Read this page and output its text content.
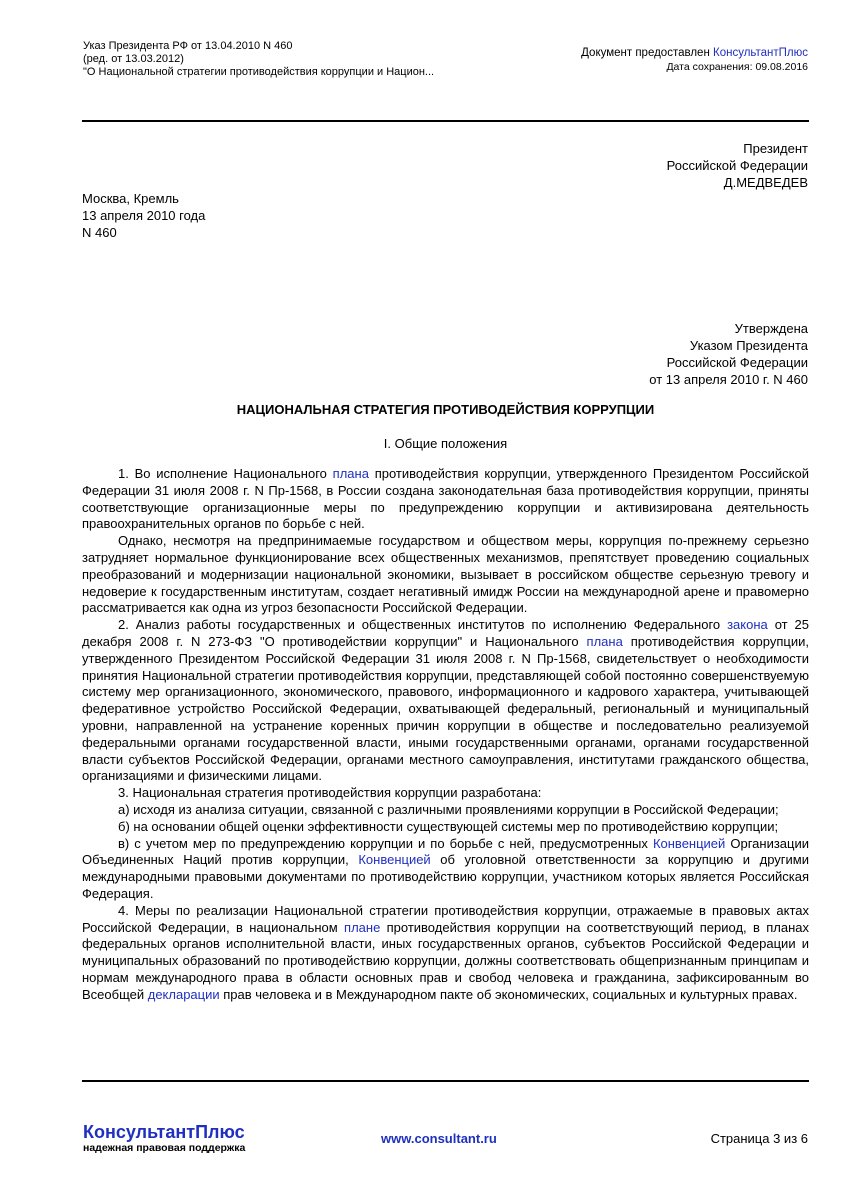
Указ Президента РФ от 13.04.2010 N 460
(ред. от 13.03.2012)
"О Национальной стратегии противодействия коррупции и Национ...
Документ предоставлен КонсультантПлюс
Дата сохранения: 09.08.2016
Президент
Российской Федерации
Д.МЕДВЕДЕВ
Москва, Кремль
13 апреля 2010 года
N 460
Утверждена
Указом Президента
Российской Федерации
от 13 апреля 2010 г. N 460
НАЦИОНАЛЬНАЯ СТРАТЕГИЯ ПРОТИВОДЕЙСТВИЯ КОРРУПЦИИ
I. Общие положения

1. Во исполнение Национального плана противодействия коррупции, утвержденного Президентом Российской Федерации 31 июля 2008 г. N Пр-1568, в России создана законодательная база противодействия коррупции, приняты соответствующие организационные меры по предупреждению коррупции и активизирована деятельность правоохранительных органов по борьбе с ней.

Однако, несмотря на предпринимаемые государством и обществом меры, коррупция по-прежнему серьезно затрудняет нормальное функционирование всех общественных механизмов, препятствует проведению социальных преобразований и модернизации национальной экономики, вызывает в российском обществе серьезную тревогу и недоверие к государственным институтам, создает негативный имидж России на международной арене и правомерно рассматривается как одна из угроз безопасности Российской Федерации.

2. Анализ работы государственных и общественных институтов по исполнению Федерального закона от 25 декабря 2008 г. N 273-ФЗ "О противодействии коррупции" и Национального плана противодействия коррупции, утвержденного Президентом Российской Федерации 31 июля 2008 г. N Пр-1568, свидетельствует о необходимости принятия Национальной стратегии противодействия коррупции, представляющей собой постоянно совершенствуемую систему мер организационного, экономического, правового, информационного и кадрового характера, учитывающей федеративное устройство Российской Федерации, охватывающей федеральный, региональный и муниципальный уровни, направленной на устранение коренных причин коррупции в обществе и последовательно реализуемой федеральными органами государственной власти, иными государственными органами, органами государственной власти субъектов Российской Федерации, органами местного самоуправления, институтами гражданского общества, организациями и физическими лицами.

3. Национальная стратегия противодействия коррупции разработана:

а) исходя из анализа ситуации, связанной с различными проявлениями коррупции в Российской Федерации;

б) на основании общей оценки эффективности существующей системы мер по противодействию коррупции;

в) с учетом мер по предупреждению коррупции и по борьбе с ней, предусмотренных Конвенцией Организации Объединенных Наций против коррупции, Конвенцией об уголовной ответственности за коррупцию и другими международными правовыми документами по противодействию коррупции, участником которых является Российская Федерация.

4. Меры по реализации Национальной стратегии противодействия коррупции, отражаемые в правовых актах Российской Федерации, в национальном плане противодействия коррупции на соответствующий период, в планах федеральных органов исполнительной власти, иных государственных органов, субъектов Российской Федерации и муниципальных образований по противодействию коррупции, должны соответствовать общепризнанным принципам и нормам международного права в области основных прав и свобод человека и гражданина, зафиксированным во Всеобщей декларации прав человека и в Международном пакте об экономических, социальных и культурных правах.

КонсультантПлюс
надежная правовая поддержка
www.consultant.ru	Страница 3 из 6
